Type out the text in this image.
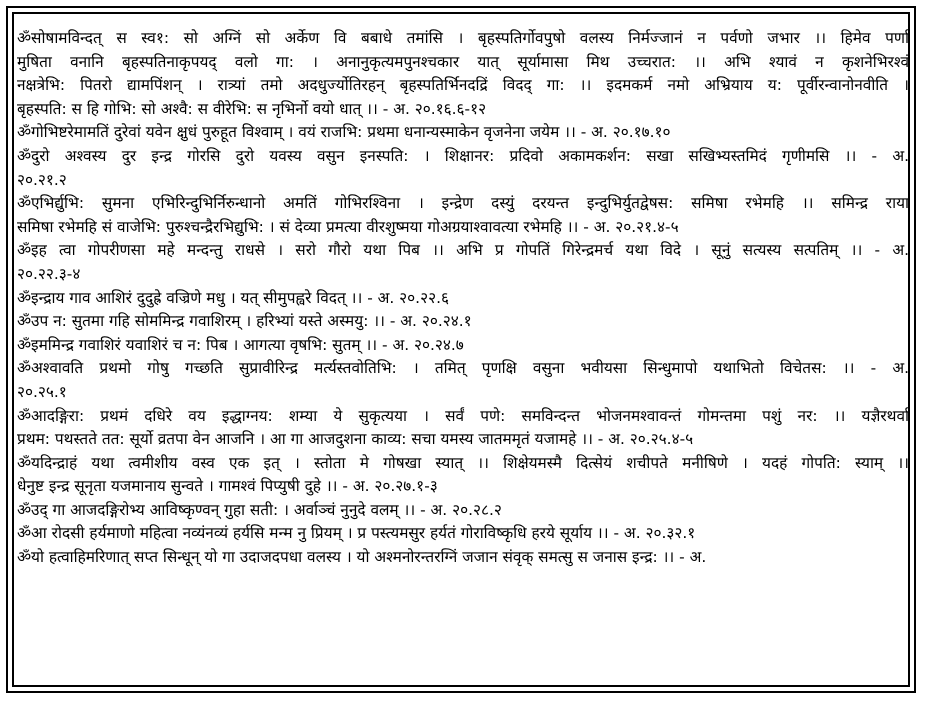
ॐसोषामविन्दत् स स्व१: सो अग्निं सो अर्केण वि बबाधे तमांसि । बृहस्पतिर्गोवपुषो वलस्य निर्मज्जानं न पर्वणो जभार ।। हिमेव पर्णा
मुषिता वनानि बृहस्पतिनाकृपयद् वलो गा: । अनानुकृत्यमपुनश्चकार यात् सूर्यामासा मिथ उच्चरात: ।। अभि श्यावं न कृशनेभिरश्वं
नक्षत्रेभि: पितरो द्यामपिंशन् । रात्र्यां तमो अदधुर्ज्योतिरहन् बृहस्पतिर्भिनदद्रिं विदद् गा: ।। इदमकर्म नमो अभ्रियाय य: पूर्वीरन्वानोनवीति ।
बृहस्पति: स हि गोभि: सो अश्वै: स वीरेभि: स नृभिर्नो वयो धात् ।। - अ. २०.१६.६-१२
ॐगोभिष्टरेमामतिं दुरेवां यवेन क्षुधं पुरुहूत विश्वाम् । वयं राजभि: प्रथमा धनान्यस्माकेन वृजनेना जयेम ।। - अ. २०.१७.१०
ॐदुरो अश्वस्य दुर इन्द्र गोरसि दुरो यवस्य वसुन इनस्पति: । शिक्षानर: प्रदिवो अकामकर्शन: सखा सखिभ्यस्तमिदं गृणीमसि ।। - अ.
२०.२१.२
ॐएभिर्द्युभि: सुमना एभिरिन्दुभिर्निरुन्धानो अमतिं गोभिरश्विना । इन्द्रेण दस्युं दरयन्त इन्दुभिर्युतद्वेषस: समिषा रभेमहि ।। समिन्द्र राया
समिषा रभेमहि सं वाजेभि: पुरुश्चन्द्रैरभिद्युभि: । सं देव्या प्रमत्या वीरशुष्मया गोअग्रयाश्वावत्या रभेमहि ।। - अ. २०.२१.४-५
ॐइह त्वा गोपरीणसा महे मन्दन्तु राधसे । सरो गौरो यथा पिब ।। अभि प्र गोपतिं गिरेन्द्रमर्च यथा विदे । सूनुं सत्यस्य सत्पतिम् ।। - अ.
२०.२२.३-४
ॐइन्द्राय गाव आशिरं दुदुह्रे वज्रिणे मधु । यत् सीमुपह्वरे विदत् ।। - अ. २०.२२.६
ॐउप न: सुतमा गहि सोममिन्द्र गवाशिरम् । हरिभ्यां यस्ते अस्मयु: ।। - अ. २०.२४.१
ॐइममिन्द्र गवाशिरं यवाशिरं च न: पिब । आगत्या वृषभि: सुतम् ।। - अ. २०.२४.७
ॐअश्वावति प्रथमो गोषु गच्छति सुप्रावीरिन्द्र मर्त्यस्तवोतिभि: । तमित् पृणक्षि वसुना भवीयसा सिन्धुमापो यथाभितो विचेतस: ।। - अ.
२०.२५.१
ॐआदङ्गिरा: प्रथमं दधिरे वय इद्धाग्नय: शम्या ये सुकृत्यया । सर्वं पणे: समविन्दन्त भोजनमश्वावन्तं गोमन्तमा पशुं नर: ।। यज्ञैरथर्वा
प्रथम: पथस्तते तत: सूर्यो व्रतपा वेन आजनि । आ गा आजदुशना काव्य: सचा यमस्य जातममृतं यजामहे ।। - अ. २०.२५.४-५
ॐयदिन्द्राहं यथा त्वमीशीय वस्व एक इत् । स्तोता मे गोषखा स्यात् ।। शिक्षेयमस्मै दित्सेयं शचीपते मनीषिणे । यदहं गोपति: स्याम् ।।
धेनुष्ट इन्द्र सूनृता यजमानाय सुन्वते । गामश्वं पिप्युषी दुहे ।। - अ. २०.२७.१-३
ॐउद् गा आजदङ्गिरोभ्य आविष्कृण्वन् गुहा सती: । अर्वाञ्चं नुनुदे वलम् ।। - अ. २०.२८.२
ॐआ रोदसी हर्यमाणो महित्वा नव्यंनव्यं हर्यसि मन्म नु प्रियम् । प्र पस्त्यमसुर हर्यतं गोराविष्कृधि हरये सूर्याय ।। - अ. २०.३२.१
ॐयो हत्वाहिमरिणात् सप्त सिन्धून् यो गा उदाजदपधा वलस्य । यो अश्मनोरन्तरग्निं जजान संवृक् समत्सु स जनास इन्द्र: ।। - अ.
